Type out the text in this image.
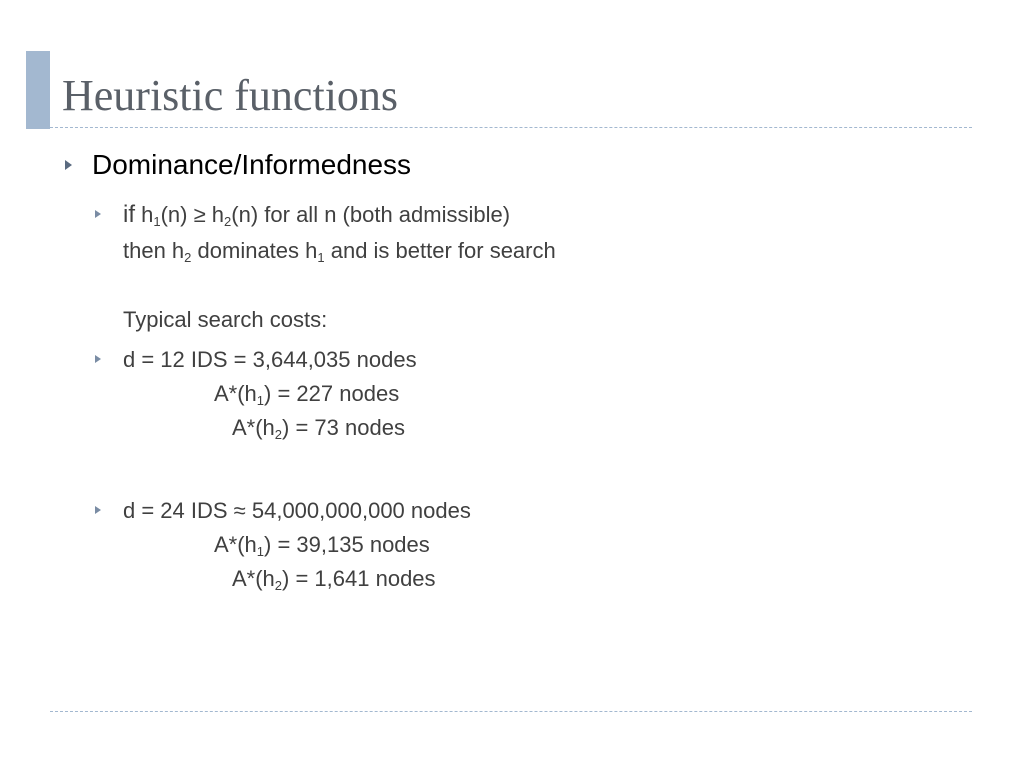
Heuristic functions

Dominance/Informedness

if $h_1(n) \ge h_2(n)$ for all n (both admissible)

then $h_2$ dominates $h_1$ and is better for search

Typical search costs:

d = 12 IDS = 3,644,035 nodes

$A*(h_1) = 227$ nodes

$A*(h_2) = 73$ nodes

d = 24 IDS ≈ 54,000,000,000 nodes

$A*(h_1) = 39,135$ nodes

$A*(h_2) = 1,641$ nodes
